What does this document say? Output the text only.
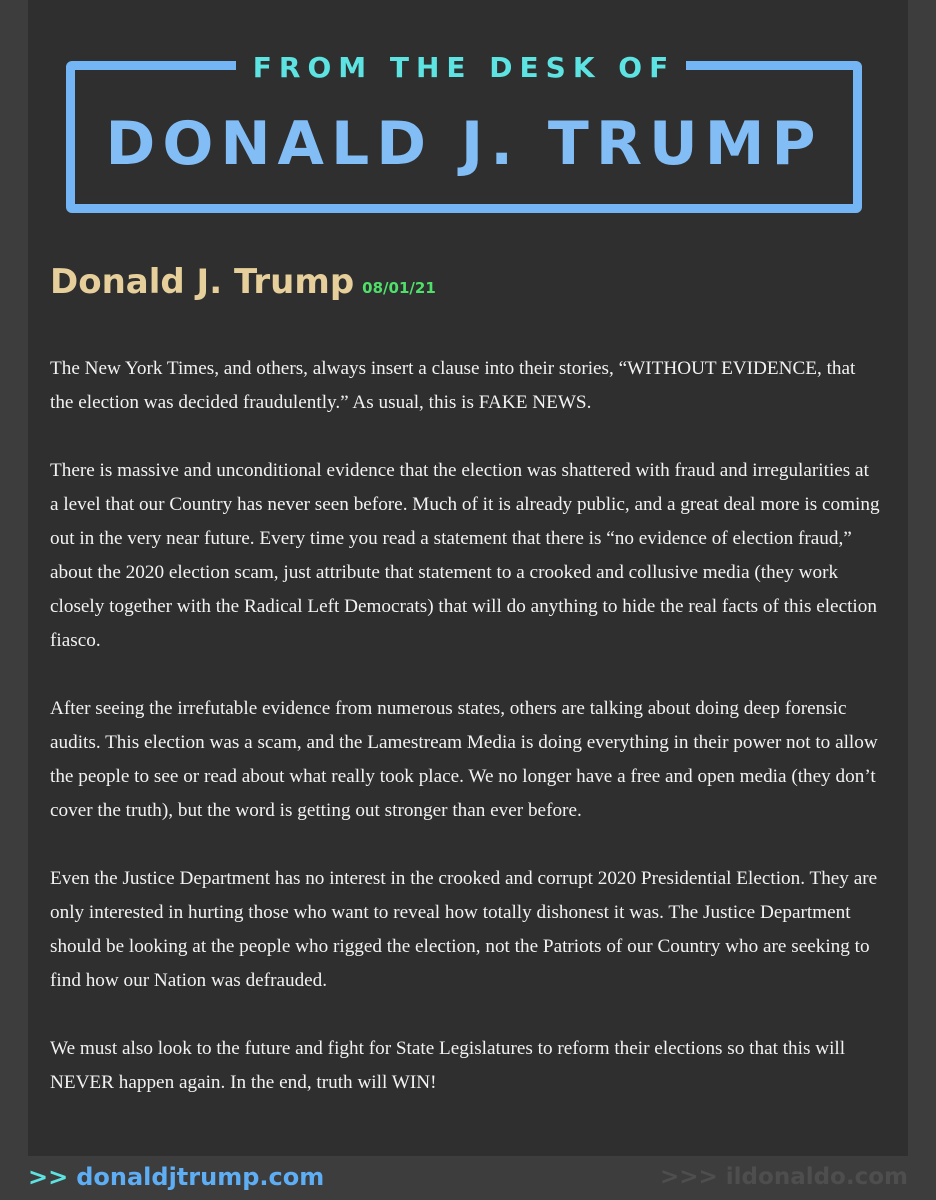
FROM THE DESK OF
DONALD J. TRUMP
Donald J. Trump 08/01/21

The New York Times, and others, always insert a clause into their stories, “WITHOUT EVIDENCE, that the election was decided fraudulently.” As usual, this is FAKE NEWS.

There is massive and unconditional evidence that the election was shattered with fraud and irregularities at a level that our Country has never seen before. Much of it is already public, and a great deal more is coming out in the very near future. Every time you read a statement that there is “no evidence of election fraud,” about the 2020 election scam, just attribute that statement to a crooked and collusive media (they work closely together with the Radical Left Democrats) that will do anything to hide the real facts of this election fiasco.

After seeing the irrefutable evidence from numerous states, others are talking about doing deep forensic audits. This election was a scam, and the Lamestream Media is doing everything in their power not to allow the people to see or read about what really took place. We no longer have a free and open media (they don’t cover the truth), but the word is getting out stronger than ever before.

Even the Justice Department has no interest in the crooked and corrupt 2020 Presidential Election. They are only interested in hurting those who want to reveal how totally dishonest it was. The Justice Department should be looking at the people who rigged the election, not the Patriots of our Country who are seeking to find how our Nation was defrauded.

We must also look to the future and fight for State Legislatures to reform their elections so that this will NEVER happen again. In the end, truth will WIN!

>> donaldjtrump.com	>>> ildonaldo.com
